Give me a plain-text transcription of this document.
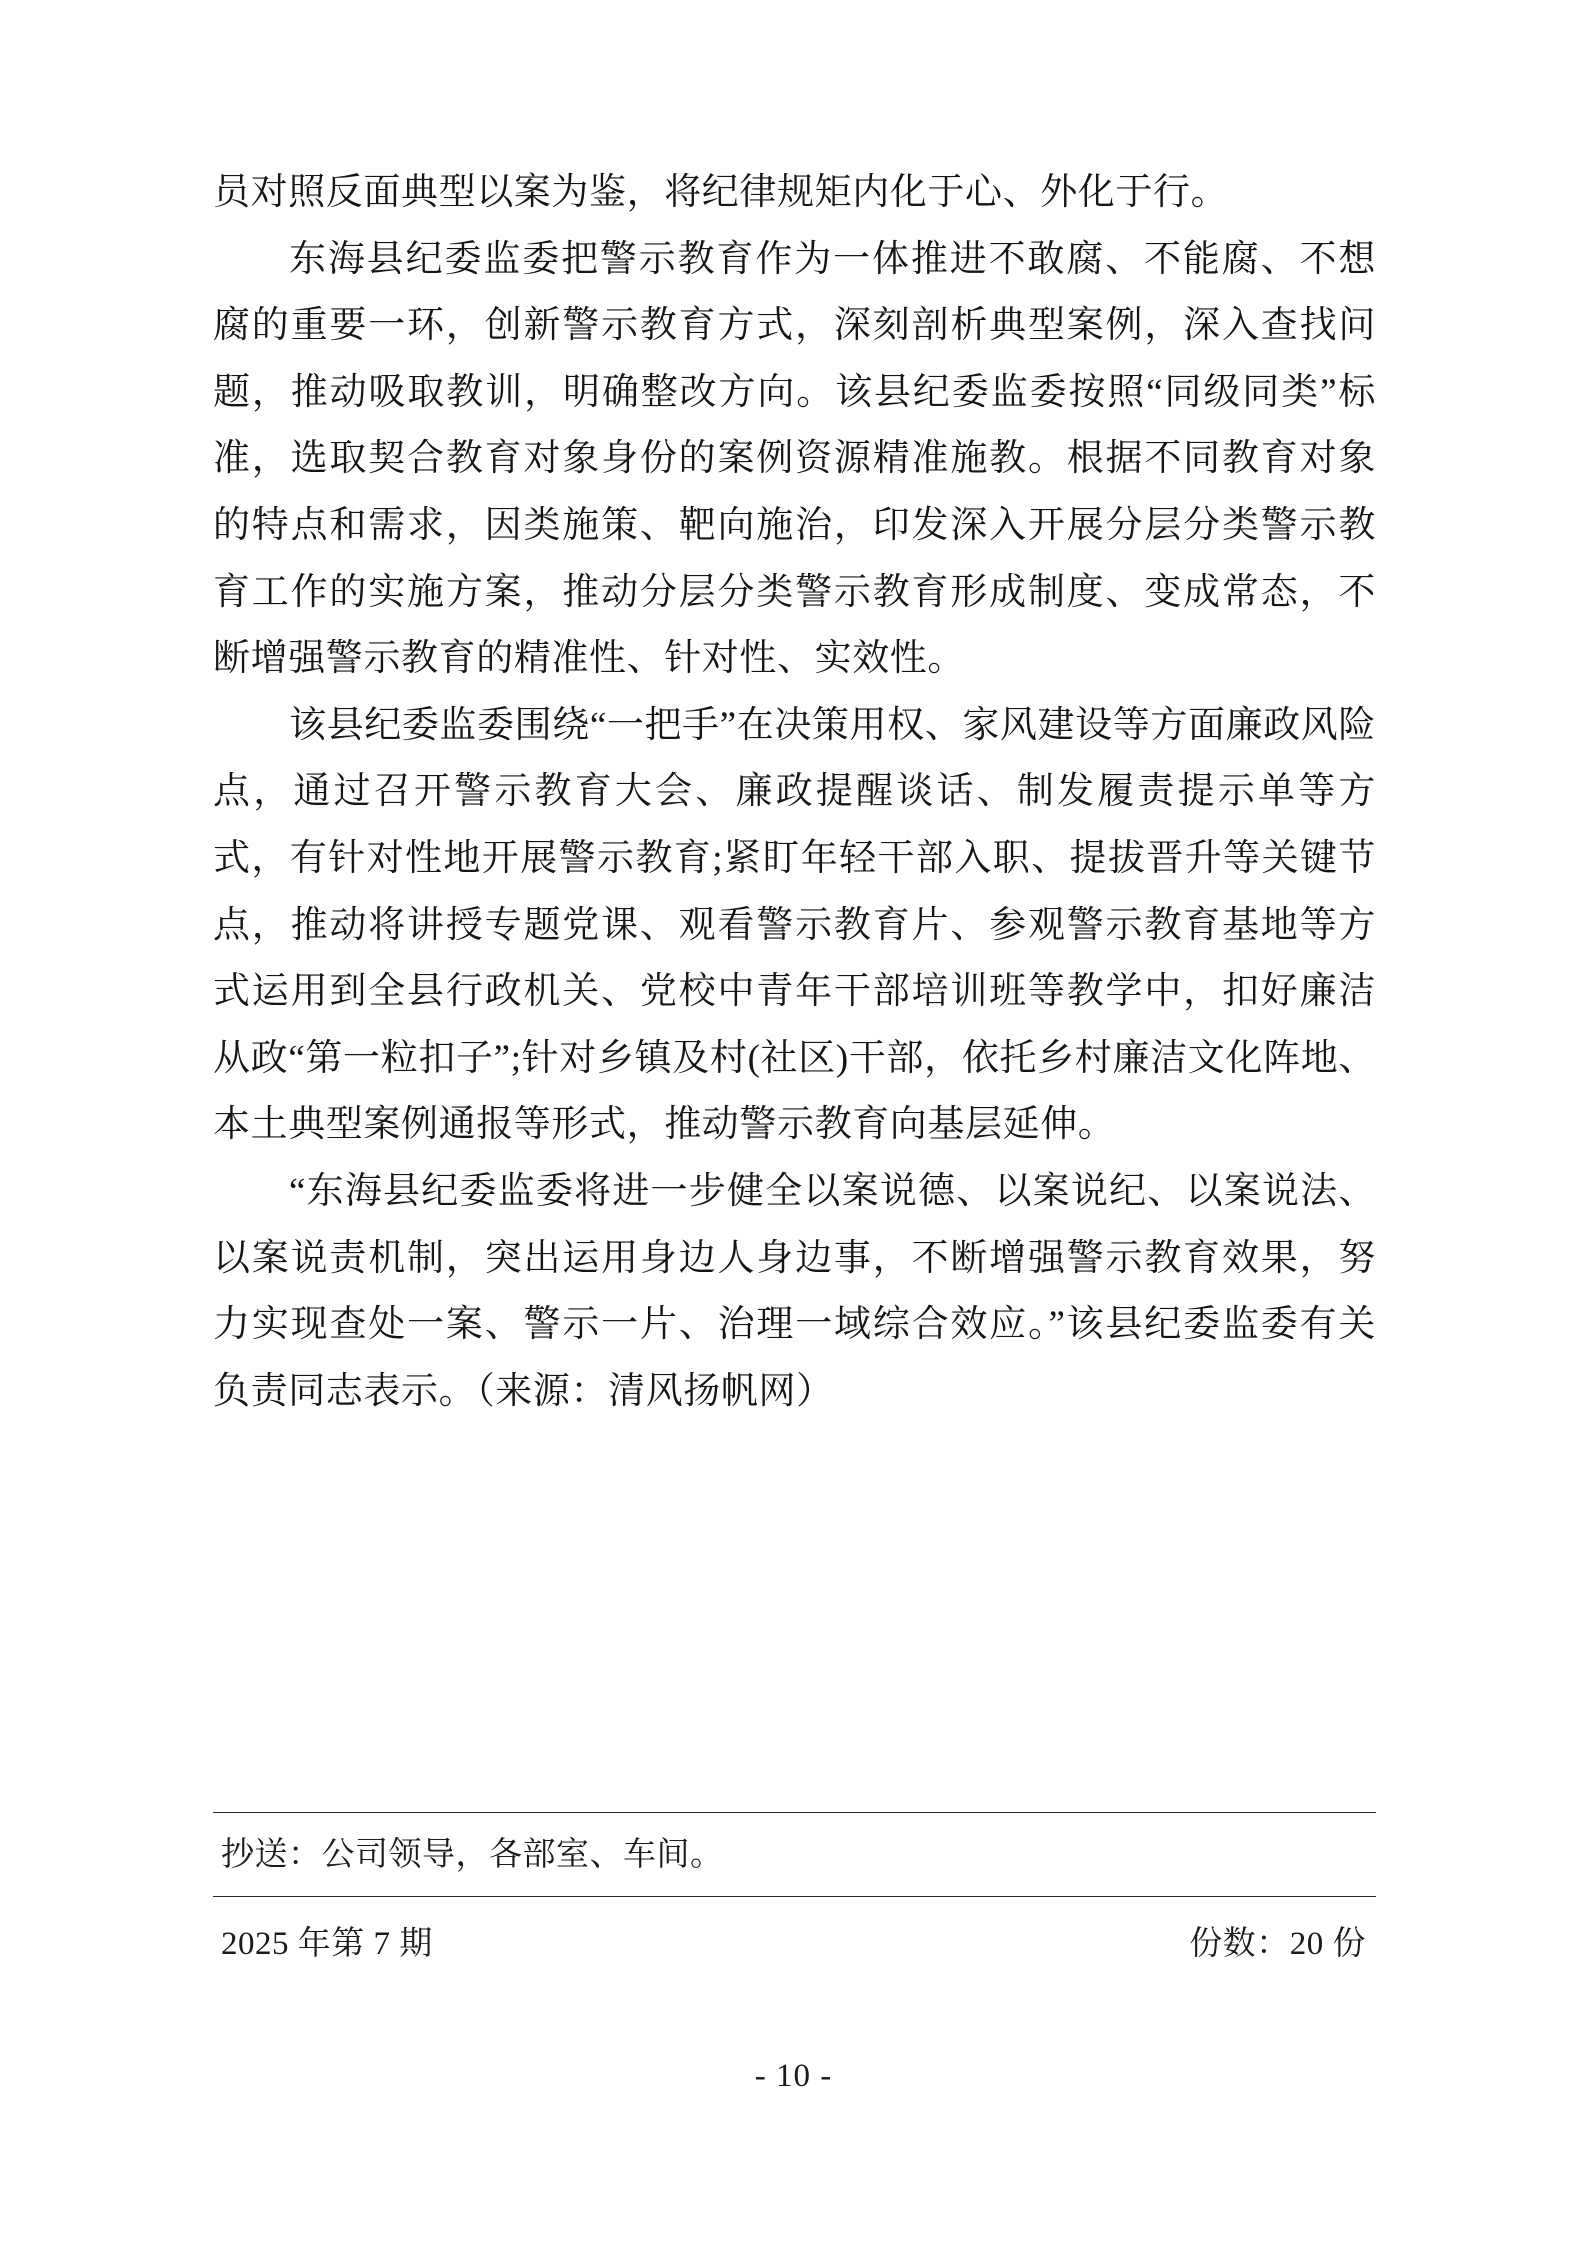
员对照反面典型以案为鉴，将纪律规矩内化于心、外化于行。

东海县纪委监委把警示教育作为一体推进不敢腐、不能腐、不想腐的重要一环，创新警示教育方式，深刻剖析典型案例，深入查找问题，推动吸取教训，明确整改方向。该县纪委监委按照“同级同类”标准，选取契合教育对象身份的案例资源精准施教。根据不同教育对象的特点和需求，因类施策、靶向施治，印发深入开展分层分类警示教育工作的实施方案，推动分层分类警示教育形成制度、变成常态，不断增强警示教育的精准性、针对性、实效性。

该县纪委监委围绕“一把手”在决策用权、家风建设等方面廉政风险点，通过召开警示教育大会、廉政提醒谈话、制发履责提示单等方式，有针对性地开展警示教育;紧盯年轻干部入职、提拔晋升等关键节点，推动将讲授专题党课、观看警示教育片、参观警示教育基地等方式运用到全县行政机关、党校中青年干部培训班等教学中，扣好廉洁从政“第一粒扣子”;针对乡镇及村(社区)干部，依托乡村廉洁文化阵地、本土典型案例通报等形式，推动警示教育向基层延伸。

“东海县纪委监委将进一步健全以案说德、以案说纪、以案说法、以案说责机制，突出运用身边人身边事，不断增强警示教育效果，努力实现查处一案、警示一片、治理一域综合效应。”该县纪委监委有关负责同志表示。（来源：清风扬帆网）

抄送：公司领导，各部室、车间。
2025 年第 7 期	份数：20 份
- 10 -
